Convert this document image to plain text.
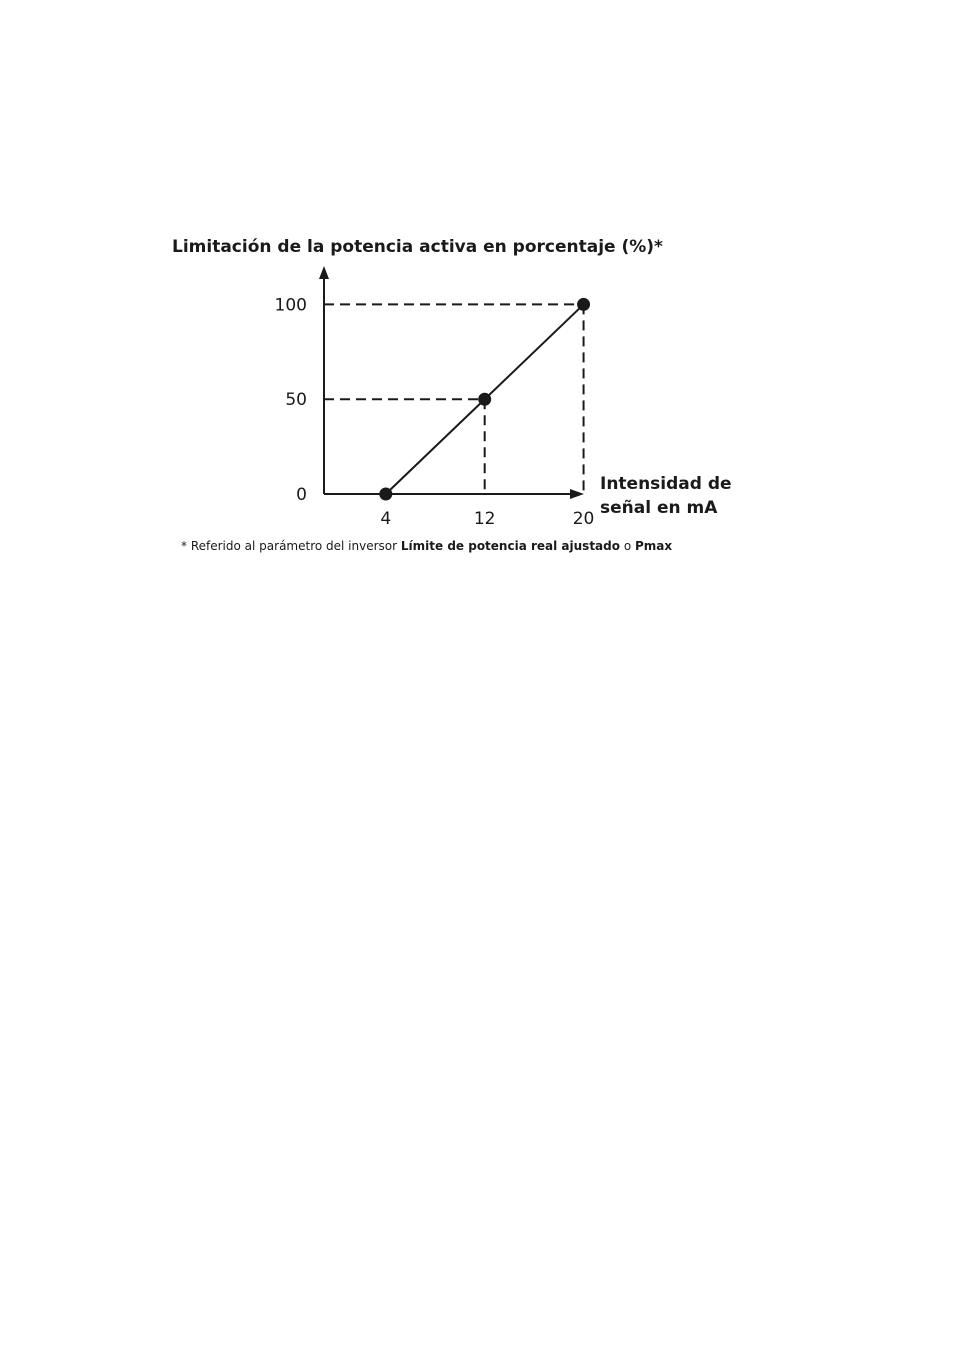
Limitación de la potencia activa en porcentaje (%)*
Intensidad de
señal en mA
4	12	20
0
50
100
* Referido al parámetro del inversor Límite de potencia real ajustado o Pmax
